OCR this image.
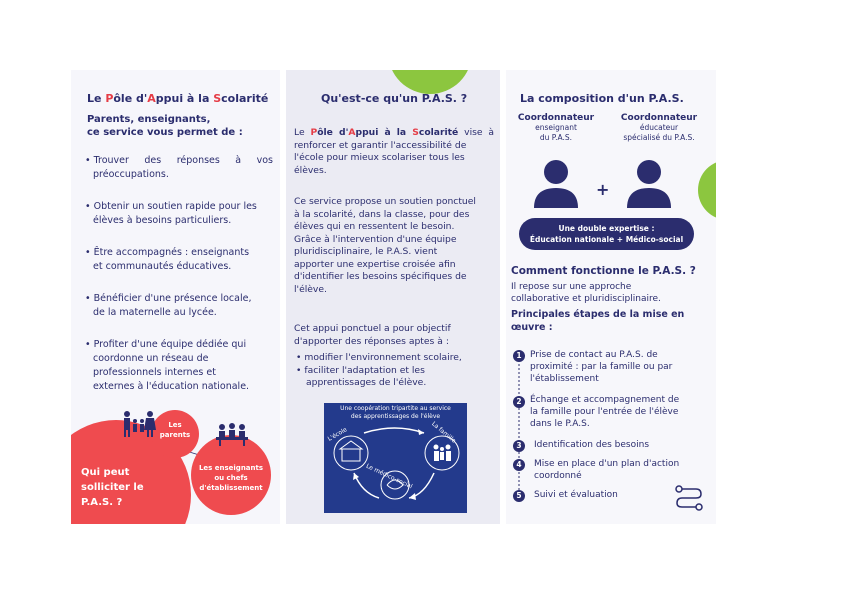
Le Pôle d'Appui à la Scolarité
Parents, enseignants,
ce service vous permet de :
• Trouver des réponses à vos
préoccupations.
• Obtenir un soutien rapide pour les
élèves à besoins particuliers.
• Être accompagnés : enseignants
et communautés éducatives.
• Bénéficier d'une présence locale,
de la maternelle au lycée.
• Profiter d'une équipe dédiée qui
coordonne un réseau de
professionnels internes et
externes à l'éducation nationale.
Qui peut
solliciter le
P.A.S. ?
Les
parents
Les enseignants
ou chefs
d'établissement
Qu'est-ce qu'un P.A.S. ?
Le Pôle d'Appui à la Scolarité vise à
renforcer et garantir l'accessibilité de
l'école pour mieux scolariser tous les
élèves.
Ce service propose un soutien ponctuel
à la scolarité, dans la classe, pour des
élèves qui en ressentent le besoin.
Grâce à l'intervention d'une équipe
pluridisciplinaire, le P.A.S. vient
apporter une expertise croisée afin
d'identifier les besoins spécifiques de
l'élève.
Cet appui ponctuel a pour objectif
d'apporter des réponses aptes à :
• modifier l'environnement scolaire,
• faciliter l'adaptation et les
apprentissages de l'élève.
Une coopération tripartite au service
des apprentissages de l'élève
L'école	La famille
Le médico-social
La composition d'un P.A.S.
Coordonnateur
enseignant
du P.A.S.
Coordonnateur
éducateur
spécialisé du P.A.S.
+
Une double expertise :
Éducation nationale + Médico-social
Comment fonctionne le P.A.S. ?
Il repose sur une approche
collaborative et pluridisciplinaire.
Principales étapes de la mise en
œuvre :
1 Prise de contact au P.A.S. de
proximité : par la famille ou par
l'établissement
2 Échange et accompagnement de
la famille pour l'entrée de l'élève
dans le P.A.S.
3	Identification des besoins
4	Mise en place d'un plan d'action
coordonné
5	Suivi et évaluation
